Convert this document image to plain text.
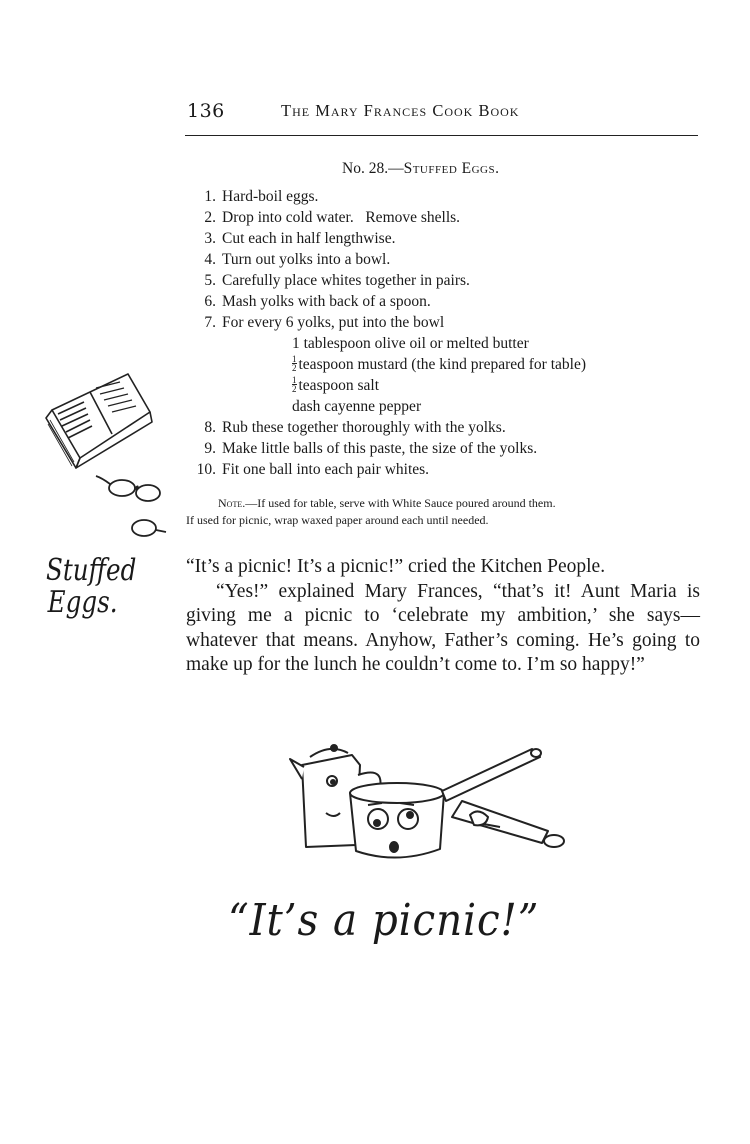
136	The Mary Frances Cook Book
No. 28.—Stuffed Eggs.
1. Hard-boil eggs.
2. Drop into cold water.   Remove shells.
3. Cut each in half lengthwise.
4. Turn out yolks into a bowl.
5. Carefully place whites together in pairs.
6. Mash yolks with back of a spoon.
7. For every 6 yolks, put into the bowl
1 tablespoon olive oil or melted butter
$\frac{1}{2}$ teaspoon mustard (the kind prepared for table)
$\frac{1}{2}$ teaspoon salt
dash cayenne pepper
8. Rub these together thoroughly with the yolks.
9. Make little balls of this paste, the size of the yolks.
10. Fit one ball into each pair whites.
Note.—If used for table, serve with White Sauce poured around them.
If used for picnic, wrap waxed paper around each until needed.
Stuffed
Eggs.

“It’s a picnic! It’s a picnic!” cried the Kitchen People.

“Yes!” explained Mary Frances, “that’s it! Aunt Maria is giving me a picnic to ‘celebrate my ambition,’ she says—whatever that means. Anyhow, Father’s coming. He’s going to make up for the lunch he couldn’t come to. I’m so happy!”

“It’s a picnic!”
